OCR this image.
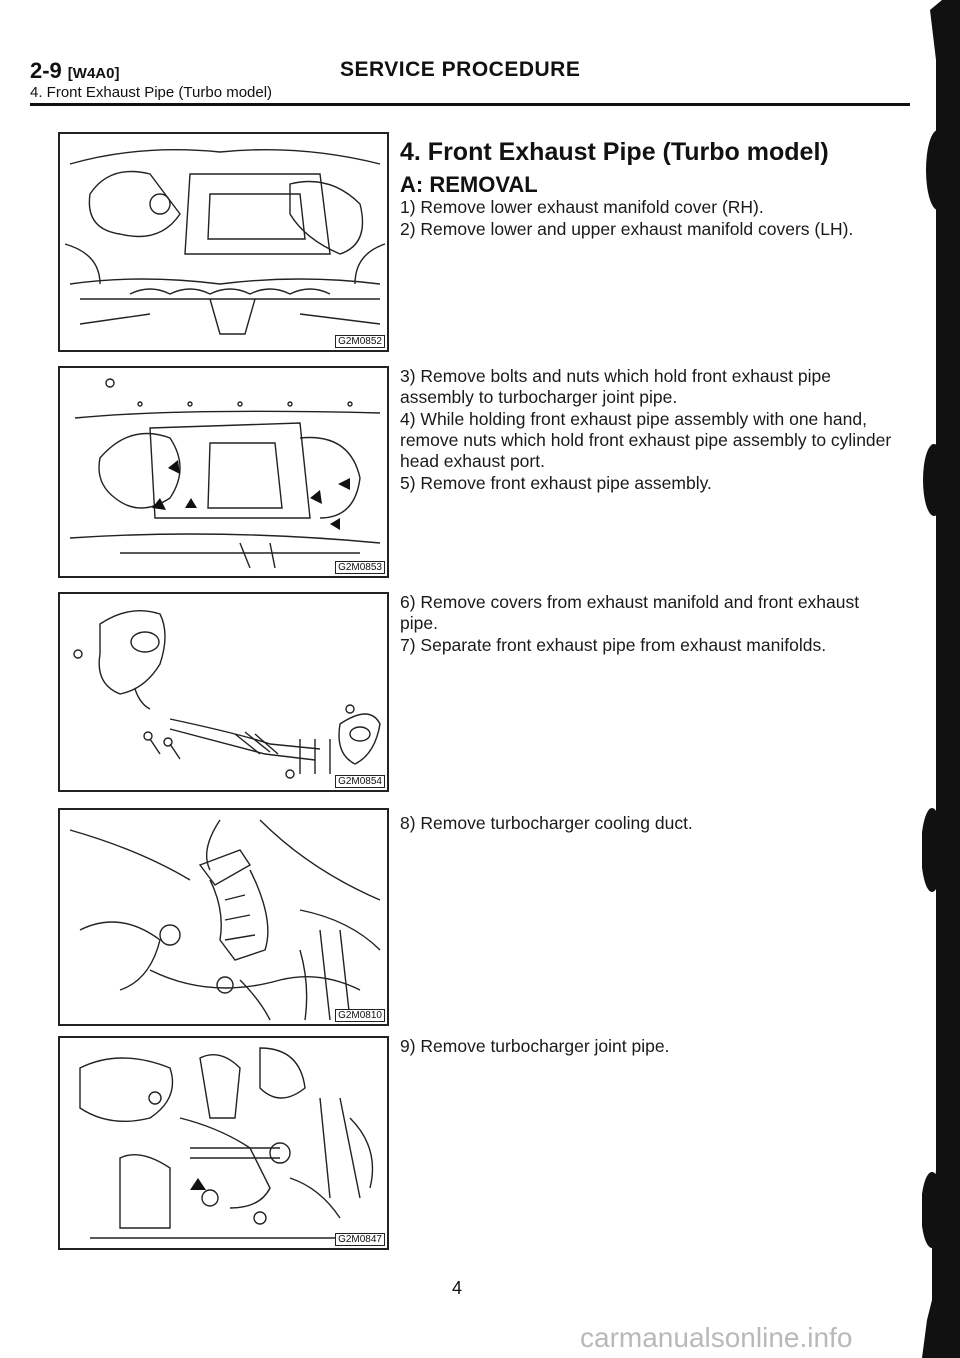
2-9 [W4A0]	SERVICE PROCEDURE
4. Front Exhaust Pipe (Turbo model)
4. Front Exhaust Pipe (Turbo model)
A: REMOVAL

1) Remove lower exhaust manifold cover (RH).

2) Remove lower and upper exhaust manifold covers (LH).

3) Remove bolts and nuts which hold front exhaust pipe assembly to turbocharger joint pipe.

4) While holding front exhaust pipe assembly with one hand, remove nuts which hold front exhaust pipe assembly to cylinder head exhaust port.

5) Remove front exhaust pipe assembly.

6) Remove covers from exhaust manifold and front exhaust pipe.

7) Separate front exhaust pipe from exhaust manifolds.

8) Remove turbocharger cooling duct.

9) Remove turbocharger joint pipe.

G2M0852
G2M0853
G2M0854
G2M0810
G2M0847
4
carmanualsonline.info
